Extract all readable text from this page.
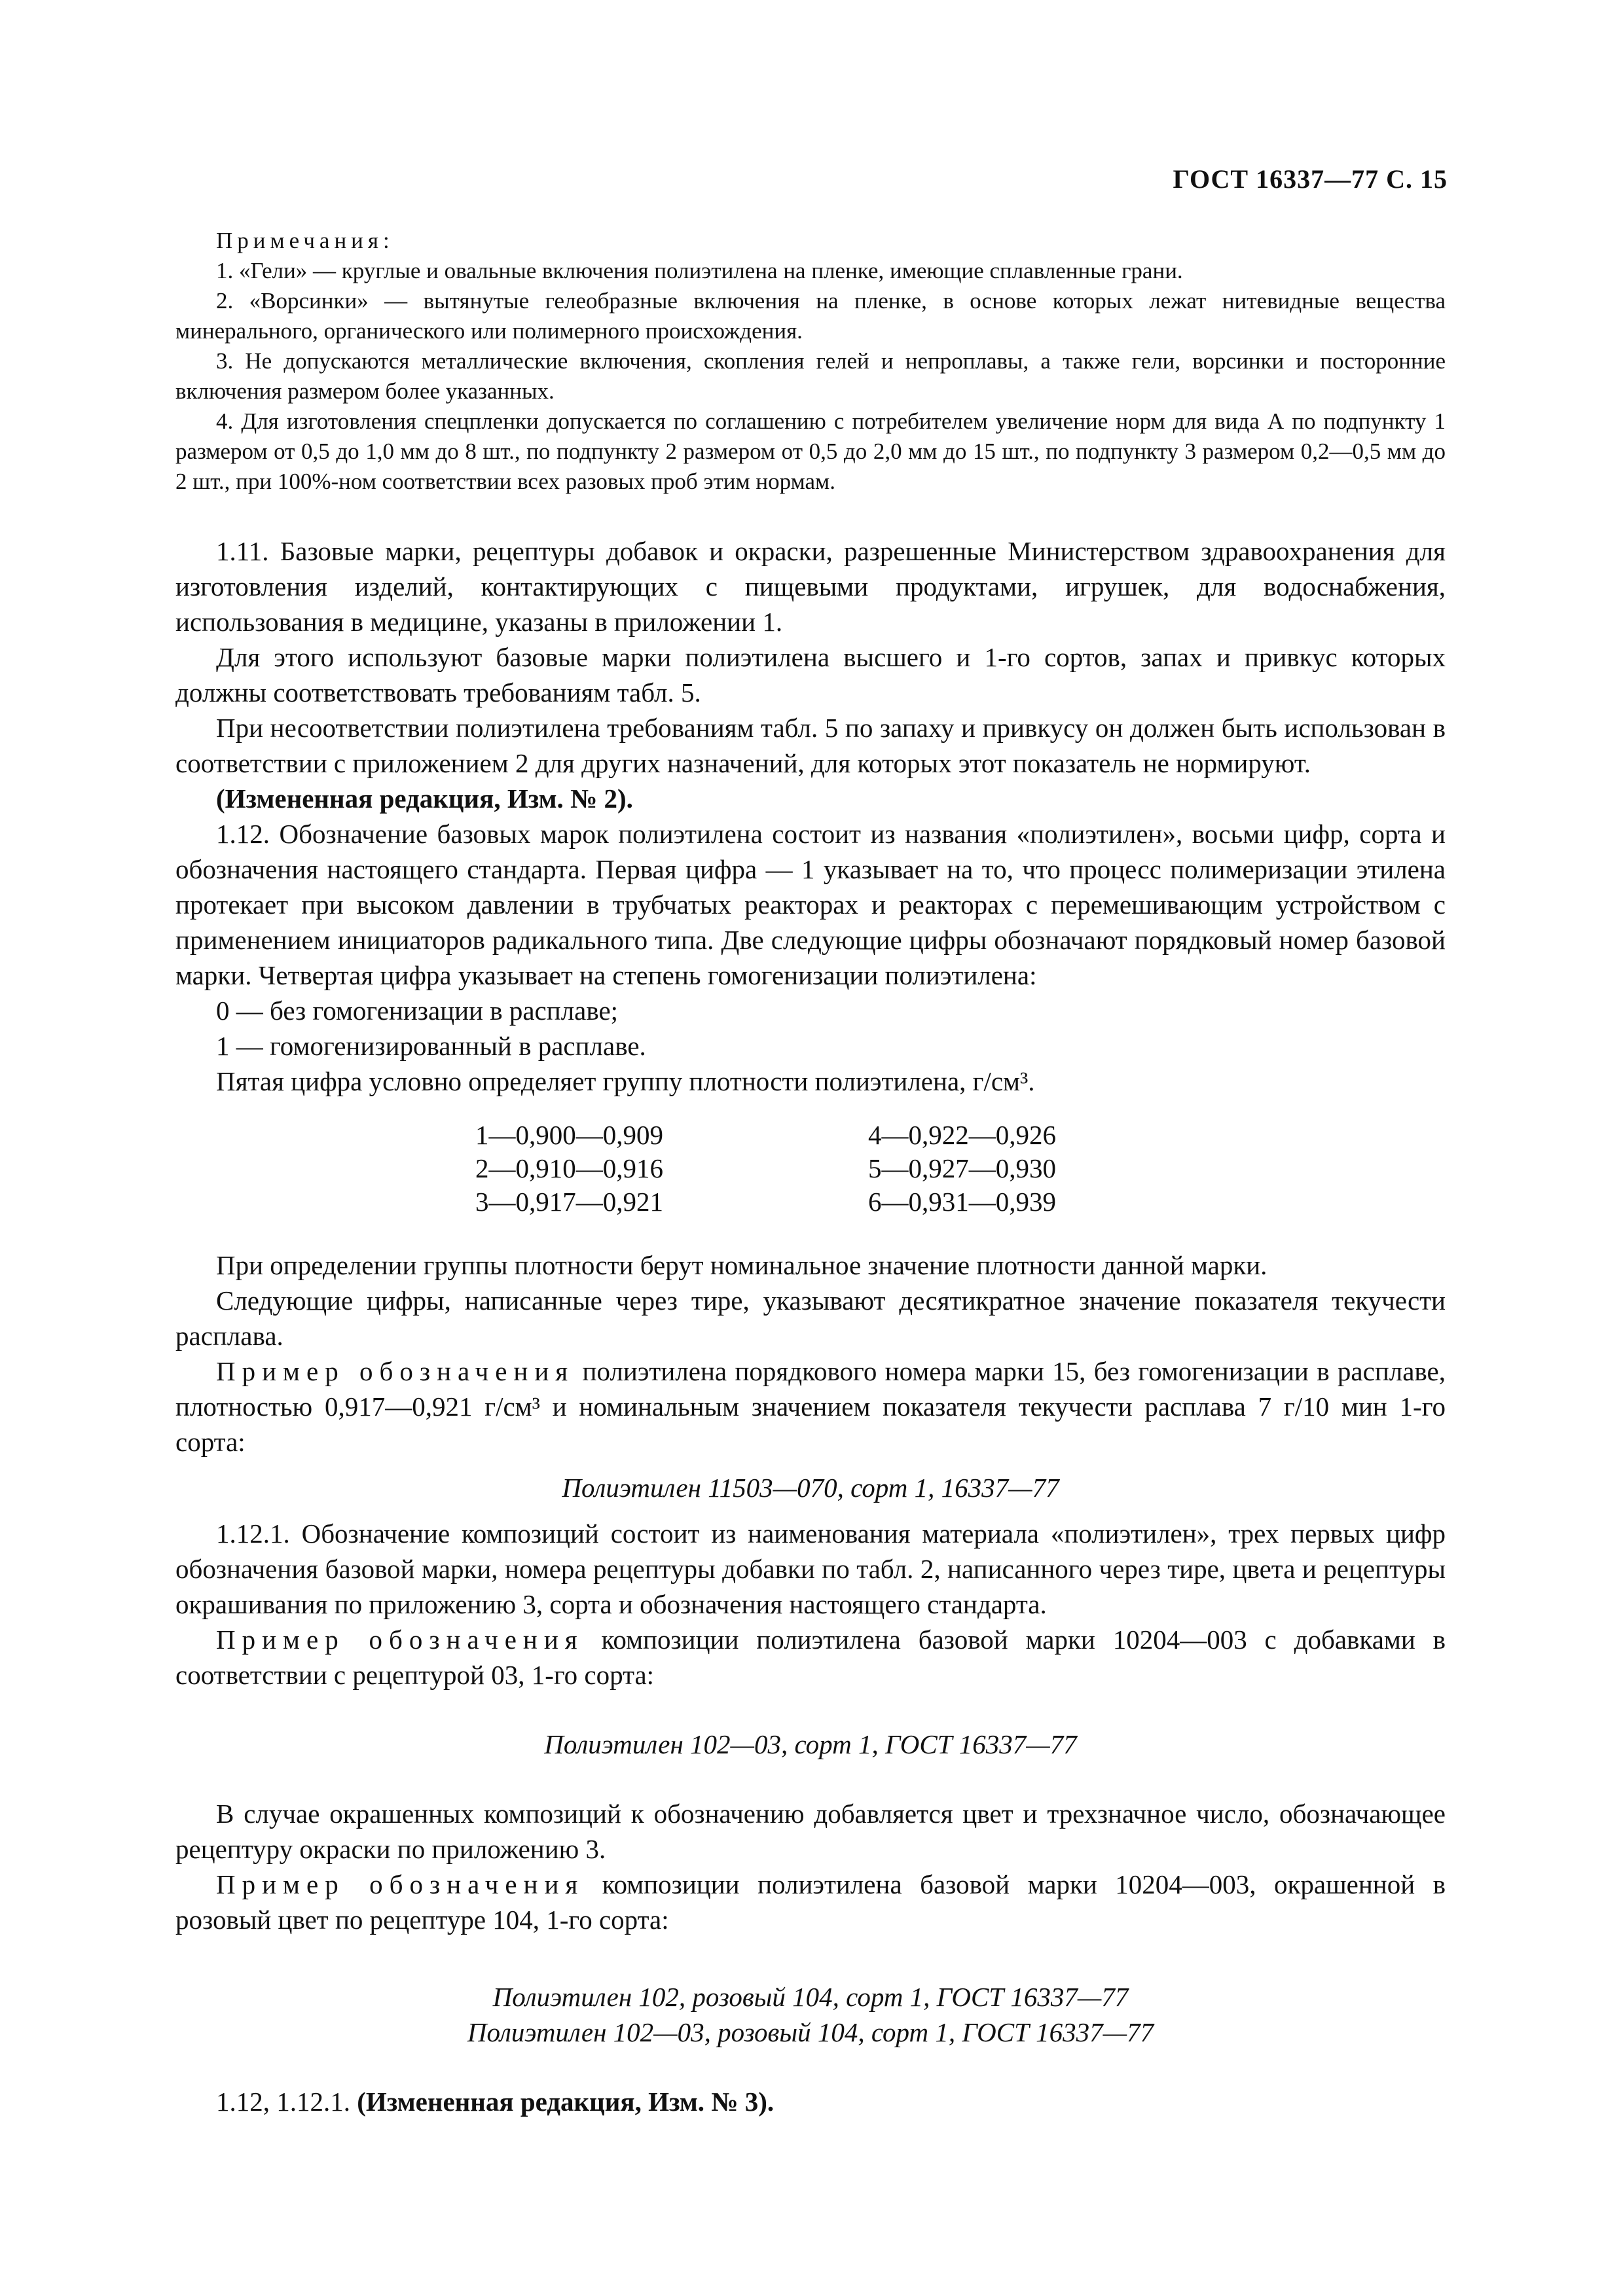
ГОСТ 16337—77 С. 15

Примечания:

1. «Гели» — круглые и овальные включения полиэтилена на пленке, имеющие сплавленные грани.

2. «Ворсинки» — вытянутые гелеобразные включения на пленке, в основе которых лежат нитевидные вещества минерального, органического или полимерного происхождения.

3. Не допускаются металлические включения, скопления гелей и непроплавы, а также гели, ворсинки и посторонние включения размером более указанных.

4. Для изготовления спецпленки допускается по соглашению с потребителем увеличение норм для вида А по подпункту 1 размером от 0,5 до 1,0 мм до 8 шт., по подпункту 2 размером от 0,5 до 2,0 мм до 15 шт., по подпункту 3 размером 0,2—0,5 мм до 2 шт., при 100%-ном соответствии всех разовых проб этим нормам.

1.11. Базовые марки, рецептуры добавок и окраски, разрешенные Министерством здравоохранения для изготовления изделий, контактирующих с пищевыми продуктами, игрушек, для водоснабжения, использования в медицине, указаны в приложении 1.

Для этого используют базовые марки полиэтилена высшего и 1-го сортов, запах и привкус которых должны соответствовать требованиям табл. 5.

При несоответствии полиэтилена требованиям табл. 5 по запаху и привкусу он должен быть использован в соответствии с приложением 2 для других назначений, для которых этот показатель не нормируют.

(Измененная редакция, Изм. № 2).

1.12. Обозначение базовых марок полиэтилена состоит из названия «полиэтилен», восьми цифр, сорта и обозначения настоящего стандарта. Первая цифра — 1 указывает на то, что процесс полимеризации этилена протекает при высоком давлении в трубчатых реакторах и реакторах с перемешивающим устройством с применением инициаторов радикального типа. Две следующие цифры обозначают порядковый номер базовой марки. Четвертая цифра указывает на степень гомогенизации полиэтилена:

0 — без гомогенизации в расплаве;

1 — гомогенизированный в расплаве.

Пятая цифра условно определяет группу плотности полиэтилена, г/см³.

1—0,900—0,909
2—0,910—0,916
3—0,917—0,921
4—0,922—0,926
5—0,927—0,930
6—0,931—0,939

При определении группы плотности берут номинальное значение плотности данной марки.

Следующие цифры, написанные через тире, указывают десятикратное значение показателя текучести расплава.

Пример обозначения полиэтилена порядкового номера марки 15, без гомогенизации в расплаве, плотностью 0,917—0,921 г/см³ и номинальным значением показателя текучести расплава 7 г/10 мин 1-го сорта:

Полиэтилен 11503—070, сорт 1, 16337—77

1.12.1. Обозначение композиций состоит из наименования материала «полиэтилен», трех первых цифр обозначения базовой марки, номера рецептуры добавки по табл. 2, написанного через тире, цвета и рецептуры окрашивания по приложению 3, сорта и обозначения настоящего стандарта.

Пример обозначения композиции полиэтилена базовой марки 10204—003 с добавками в соответствии с рецептурой 03, 1-го сорта:

Полиэтилен 102—03, сорт 1, ГОСТ 16337—77

В случае окрашенных композиций к обозначению добавляется цвет и трехзначное число, обозначающее рецептуру окраски по приложению 3.

Пример обозначения композиции полиэтилена базовой марки 10204—003, окрашенной в розовый цвет по рецептуре 104, 1-го сорта:

Полиэтилен 102, розовый 104, сорт 1, ГОСТ 16337—77

Полиэтилен 102—03, розовый 104, сорт 1, ГОСТ 16337—77

1.12, 1.12.1. (Измененная редакция, Изм. № 3).
